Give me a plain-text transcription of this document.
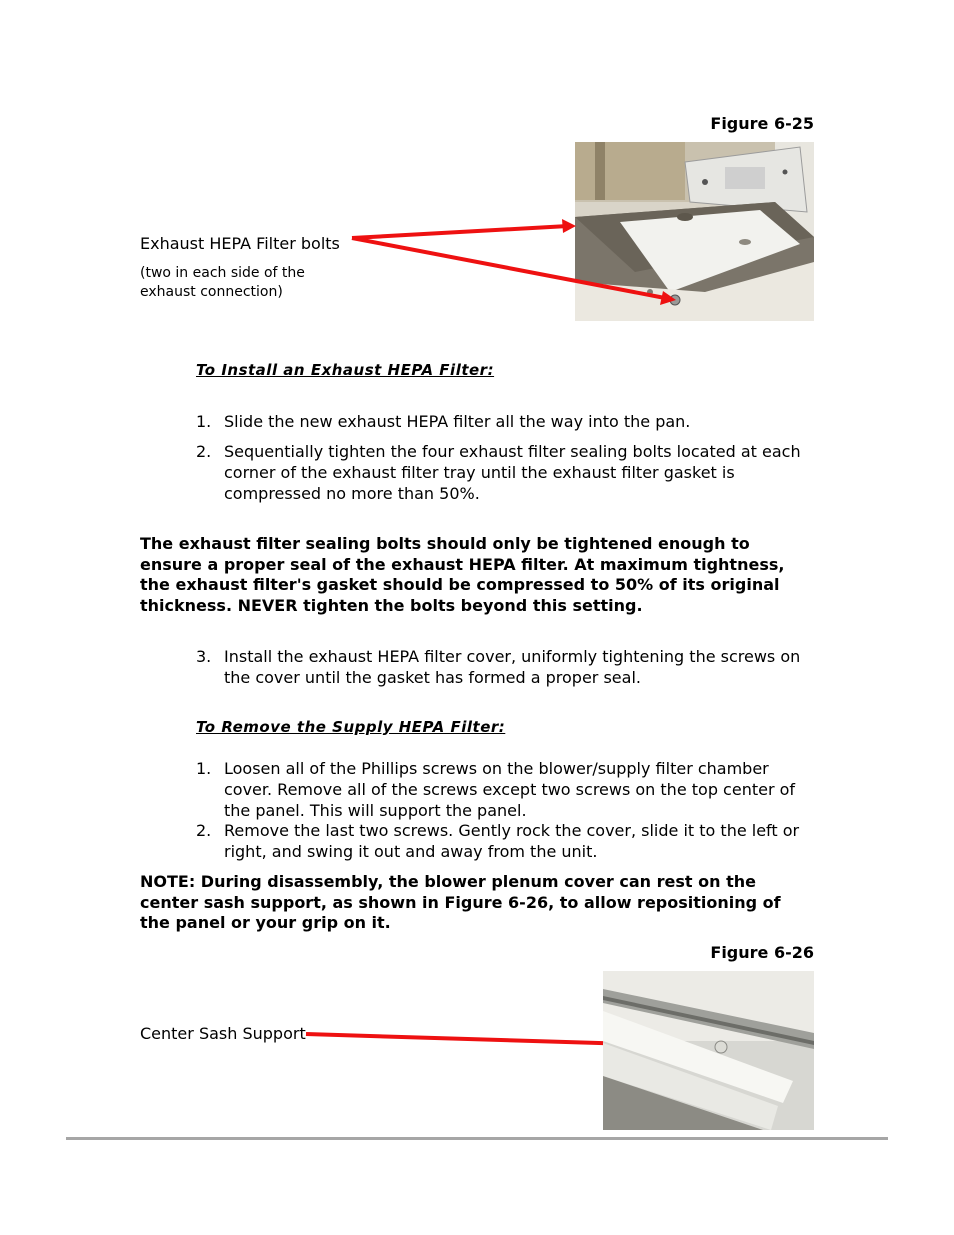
Figure 6-25
Exhaust HEPA Filter bolts
(two in each side of the exhaust connection)
To Install an Exhaust HEPA Filter:
1. Slide the new exhaust HEPA filter all the way into the pan.
2. Sequentially tighten the four exhaust filter sealing bolts located at each corner of the exhaust filter tray until the exhaust filter gasket is compressed no more than 50%.
The exhaust filter sealing bolts should only be tightened enough to ensure a proper seal of the exhaust HEPA filter. At maximum tightness, the exhaust filter's gasket should be compressed to 50% of its original thickness. NEVER tighten the bolts beyond this setting.
3. Install the exhaust HEPA filter cover, uniformly tightening the screws on the cover until the gasket has formed a proper seal.
To Remove the Supply HEPA Filter:
1. Loosen all of the Phillips screws on the blower/supply filter chamber cover. Remove all of the screws except two screws on the top center of the panel. This will support the panel.
2. Remove the last two screws. Gently rock the cover, slide it to the left or right, and swing it out and away from the unit.
NOTE: During disassembly, the blower plenum cover can rest on the center sash support, as shown in Figure 6-26, to allow repositioning of the panel or your grip on it.
Figure 6-26
Center Sash Support
